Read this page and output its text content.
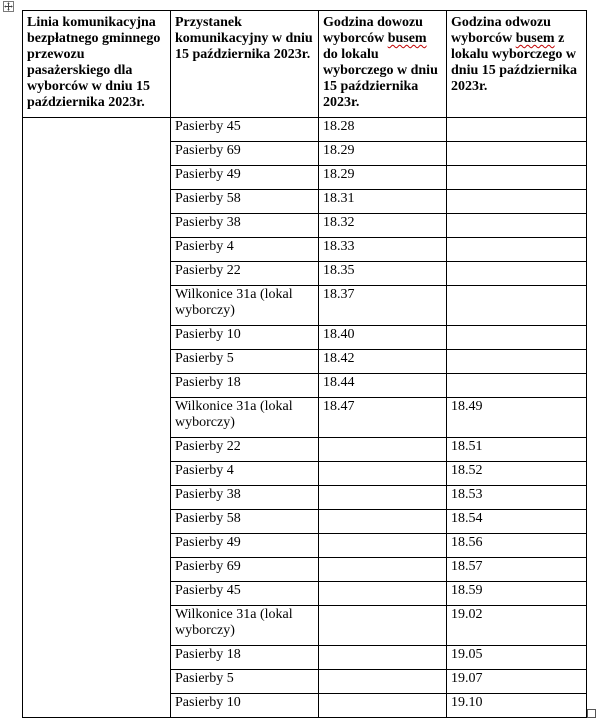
Linia komunikacyjna bezpłatnego gminnego przewozu pasażerskiego dla wyborców w dniu 15 października 2023r.	Przystanek komunikacyjny w dniu 15 października 2023r.	Godzina dowozu wyborców busem do lokalu wyborczego w dniu 15 października 2023r.	Godzina odwozu wyborców busem z lokalu wyborczego w dniu 15 października 2023r.
	Pasierby 45	18.28	
	Pasierby 69	18.29	
	Pasierby 49	18.29	
	Pasierby 58	18.31	
	Pasierby 38	18.32	
	Pasierby 4	18.33	
	Pasierby 22	18.35	
	Wilkonice 31a (lokal wyborczy)	18.37	
	Pasierby 10	18.40	
	Pasierby 5	18.42	
	Pasierby 18	18.44	
	Wilkonice 31a (lokal wyborczy)	18.47	18.49
	Pasierby 22		18.51
	Pasierby 4		18.52
	Pasierby 38		18.53
	Pasierby 58		18.54
	Pasierby 49		18.56
	Pasierby 69		18.57
	Pasierby 45		18.59
	Wilkonice 31a (lokal wyborczy)		19.02
	Pasierby 18		19.05
	Pasierby 5		19.07
	Pasierby 10		19.10
